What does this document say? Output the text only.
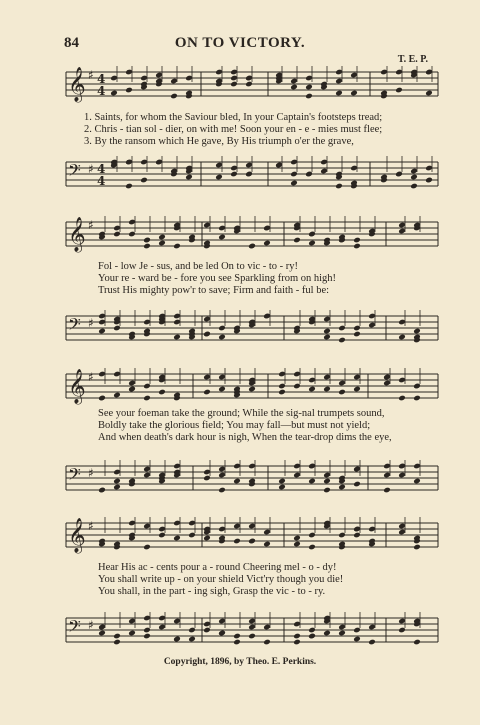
84	ON TO VICTORY.
T. E. P.
𝄞 ♯ 4
4
𝄢 ♯ 4
4
𝄞 ♯
𝄢 ♯
𝄞 ♯
𝄢 ♯
𝄞 ♯
𝄢 ♯
1. Saints, for whom the Saviour bled, In your Captain's footsteps tread;
2. Chris - tian sol - dier, on with me! Soon your en - e - mies must flee;
3. By the ransom which He gave, By His triumph o'er the grave,
Fol - low Je - sus, and be led On to vic - to - ry!
Your re - ward be - fore you see Sparkling from on high!
Trust His mighty pow'r to save; Firm and faith - ful be:
See your foeman take the ground; While the sig-nal trumpets sound,
Boldly take the glorious field; You may fall—but must not yield;
And when death's dark hour is nigh, When the tear-drop dims the eye,
Hear His ac - cents pour a - round Cheering mel - o - dy!
You shall write up - on your shield Vict'ry though you die!
You shall, in the part - ing sigh, Grasp the vic - to - ry.
Copyright, 1896, by Theo. E. Perkins.
